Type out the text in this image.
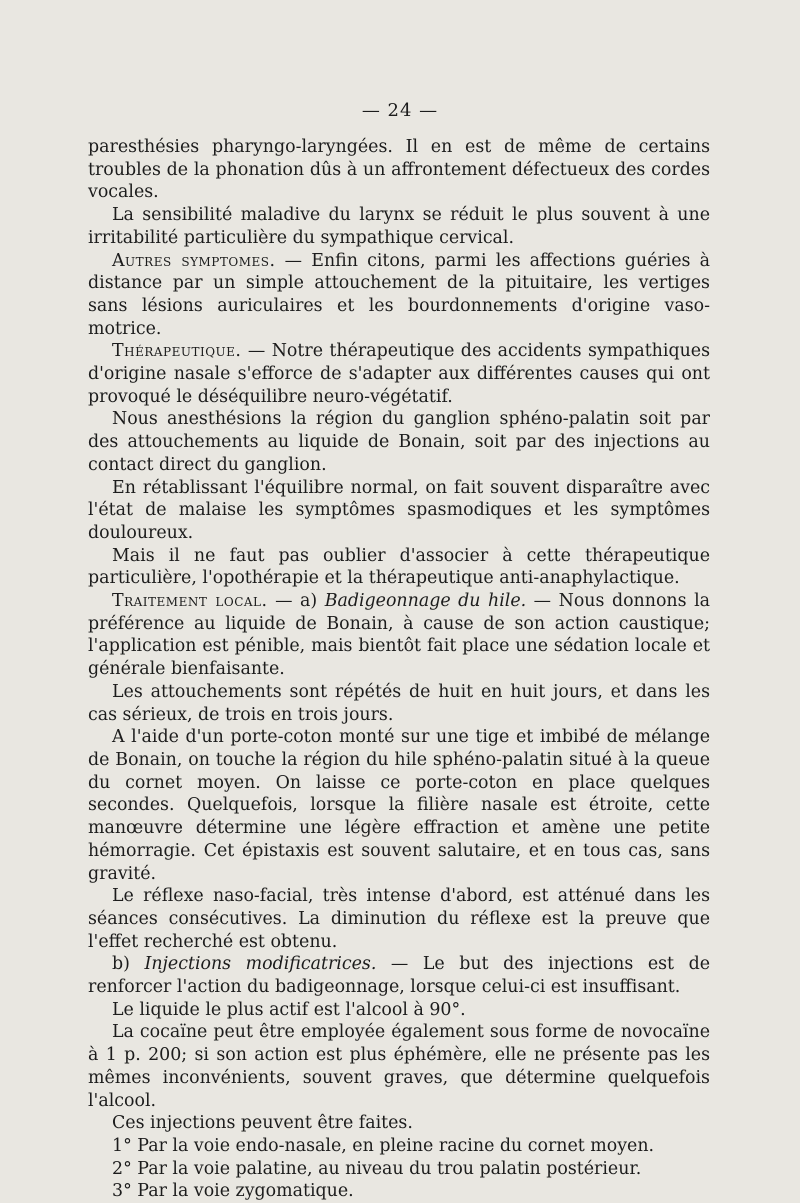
— 24 —

paresthésies pharyngo-laryngées. Il en est de même de certains troubles de la phonation dûs à un affrontement défectueux des cordes vocales.

La sensibilité maladive du larynx se réduit le plus souvent à une irritabilité particulière du sympathique cervical.

Autres symptomes. — Enfin citons, parmi les affections guéries à distance par un simple attouchement de la pituitaire, les vertiges sans lésions auriculaires et les bourdonnements d'origine vaso-motrice.

Thérapeutique. — Notre thérapeutique des accidents sympathiques d'origine nasale s'efforce de s'adapter aux différentes causes qui ont provoqué le déséquilibre neuro-végétatif.

Nous anesthésions la région du ganglion sphéno-palatin soit par des attouchements au liquide de Bonain, soit par des injections au contact direct du ganglion.

En rétablissant l'équilibre normal, on fait souvent disparaître avec l'état de malaise les symptômes spasmodiques et les symptômes douloureux.

Mais il ne faut pas oublier d'associer à cette thérapeutique particulière, l'opothérapie et la thérapeutique anti-anaphylactique.

Traitement local. — a) Badigeonnage du hile. — Nous donnons la préférence au liquide de Bonain, à cause de son action caustique; l'application est pénible, mais bientôt fait place une sédation locale et générale bienfaisante.

Les attouchements sont répétés de huit en huit jours, et dans les cas sérieux, de trois en trois jours.

A l'aide d'un porte-coton monté sur une tige et imbibé de mélange de Bonain, on touche la région du hile sphéno-palatin situé à la queue du cornet moyen. On laisse ce porte-coton en place quelques secondes. Quelquefois, lorsque la filière nasale est étroite, cette manœuvre détermine une légère effraction et amène une petite hémorragie. Cet épistaxis est souvent salutaire, et en tous cas, sans gravité.

Le réflexe naso-facial, très intense d'abord, est atténué dans les séances consécutives. La diminution du réflexe est la preuve que l'effet recherché est obtenu.

b) Injections modificatrices. — Le but des injections est de renforcer l'action du badigeonnage, lorsque celui-ci est insuffisant.

Le liquide le plus actif est l'alcool à 90°.

La cocaïne peut être employée également sous forme de novocaïne à 1 p. 200; si son action est plus éphémère, elle ne présente pas les mêmes inconvénients, souvent graves, que détermine quelquefois l'alcool.

Ces injections peuvent être faites.

1° Par la voie endo-nasale, en pleine racine du cornet moyen.

2° Par la voie palatine, au niveau du trou palatin postérieur.

3° Par la voie zygomatique.
